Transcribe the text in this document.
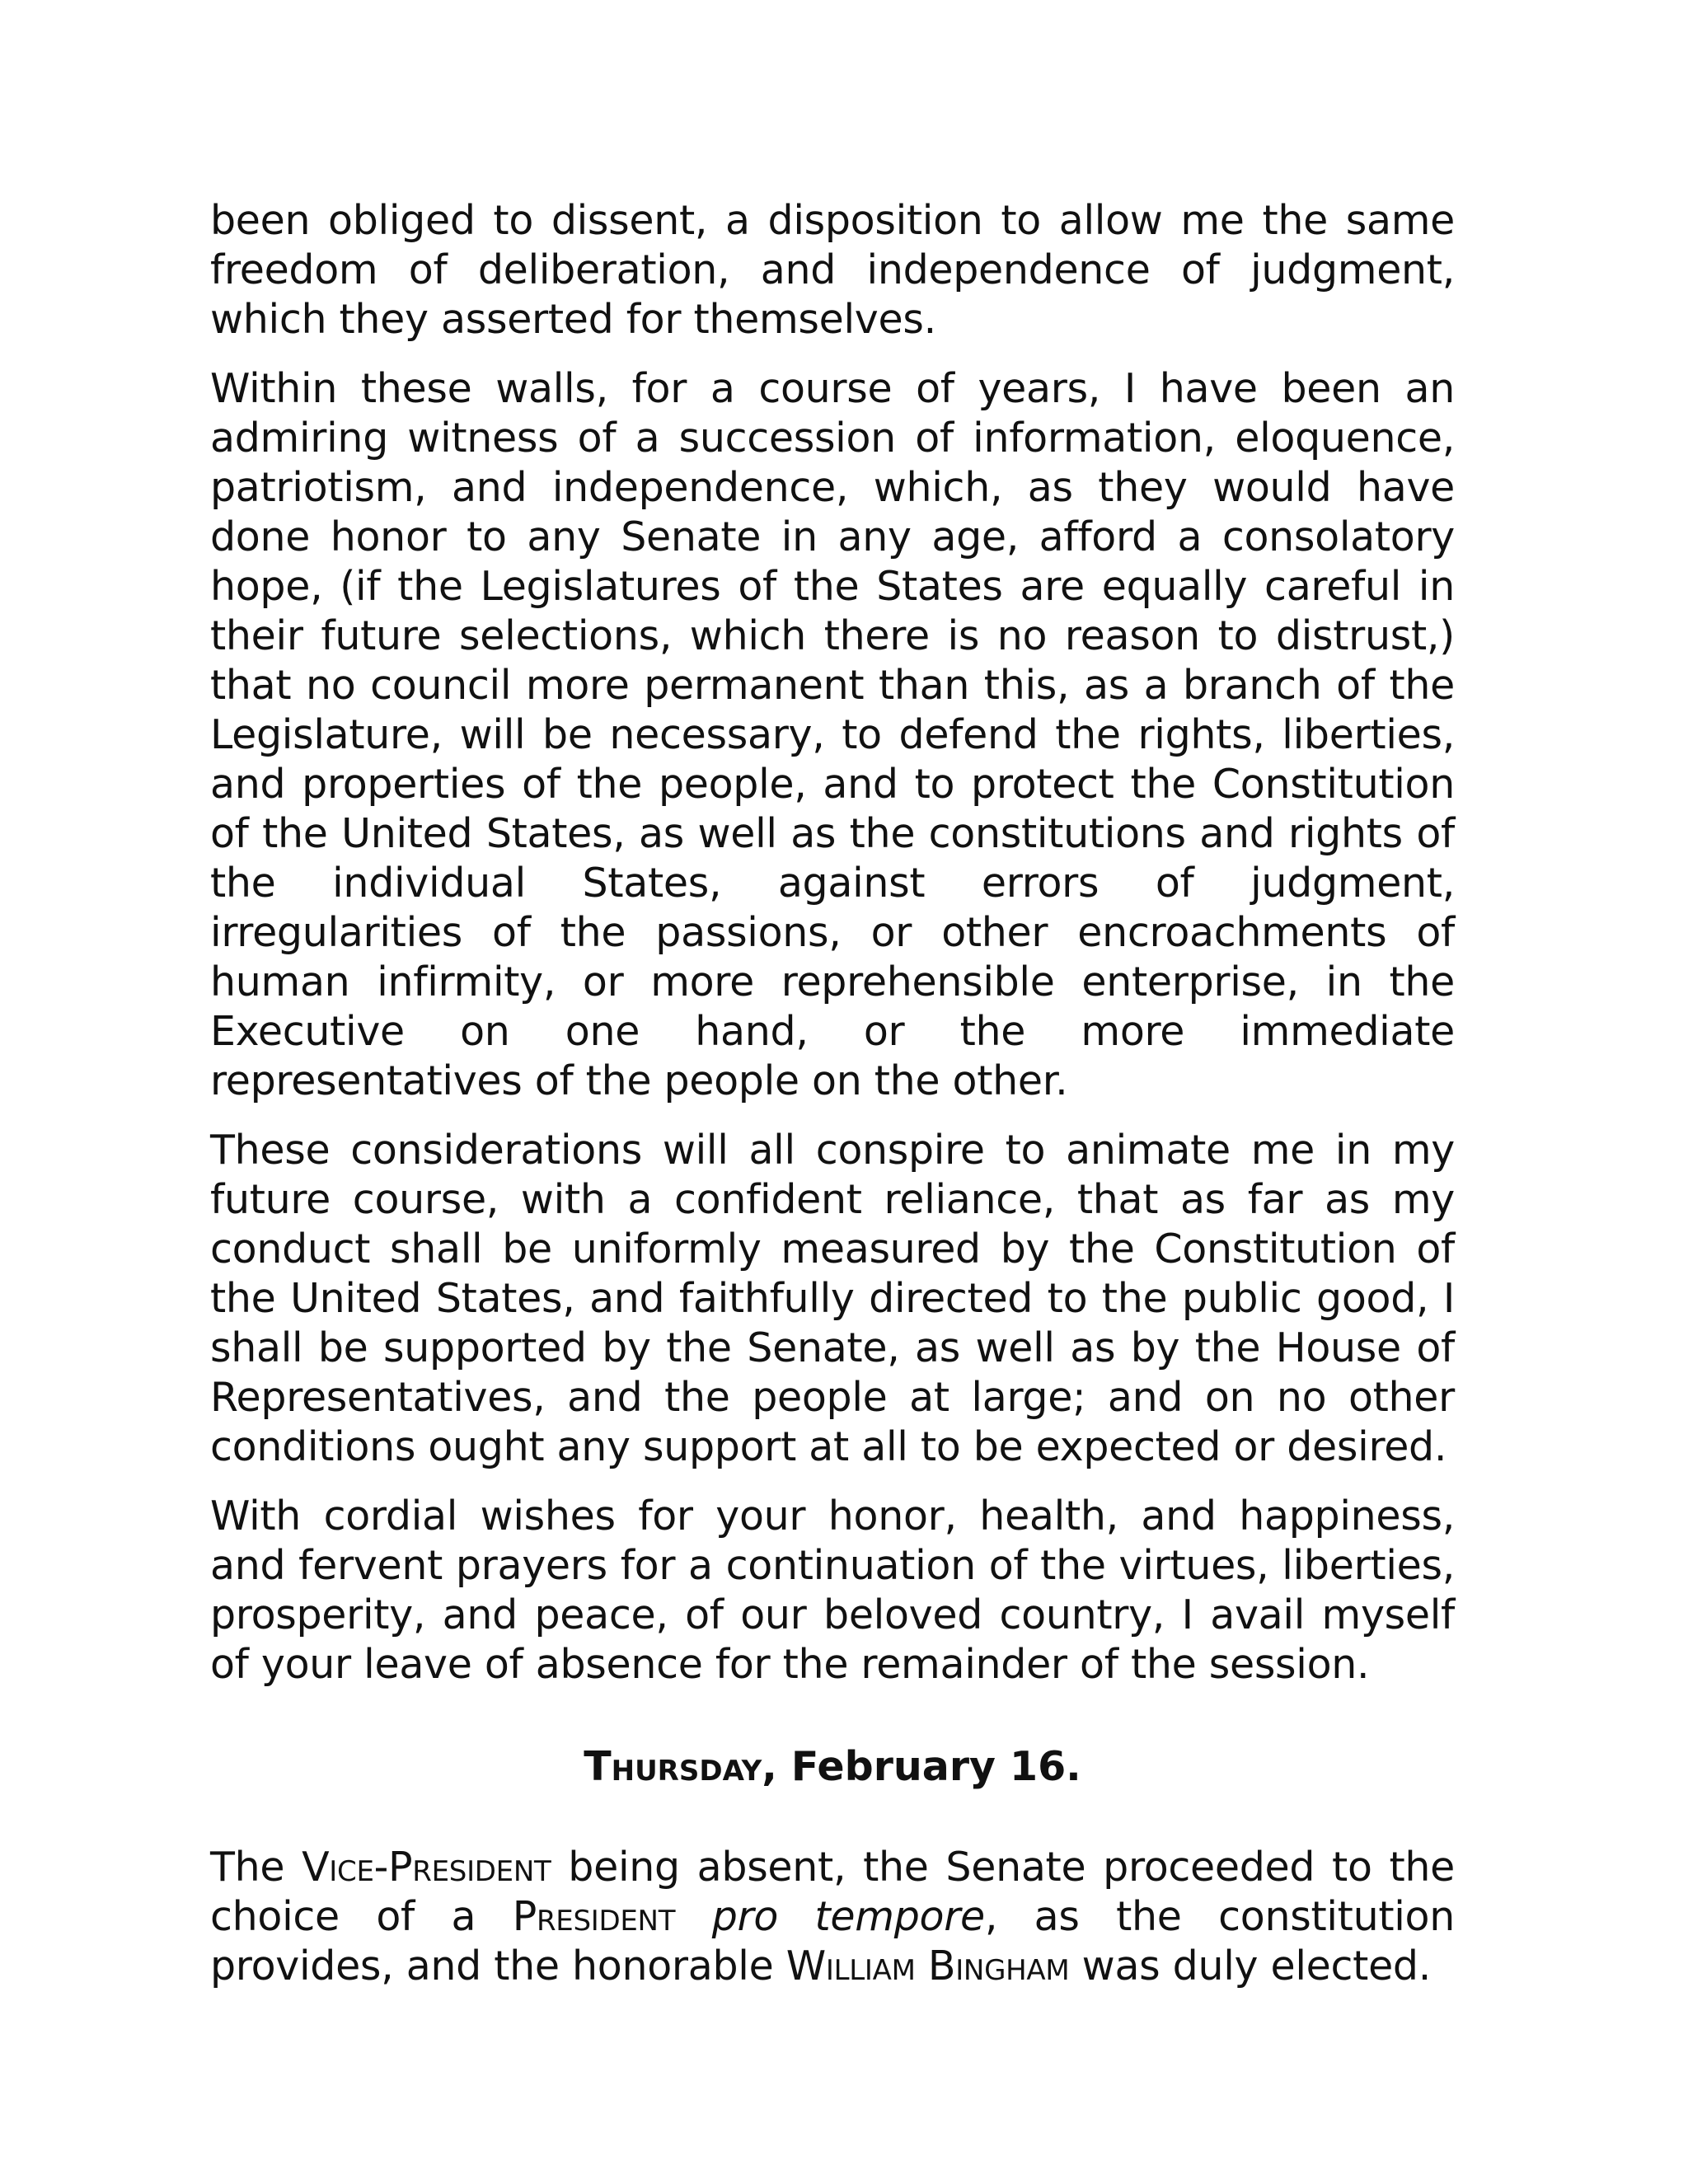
been obliged to dissent, a disposition to allow me the same freedom of deliberation, and independence of judgment, which they asserted for themselves.

Within these walls, for a course of years, I have been an admiring witness of a succession of information, eloquence, patriotism, and independence, which, as they would have done honor to any Senate in any age, afford a consolatory hope, (if the Legislatures of the States are equally careful in their future selections, which there is no reason to distrust,) that no council more permanent than this, as a branch of the Legislature, will be necessary, to defend the rights, liberties, and properties of the people, and to protect the Constitution of the United States, as well as the constitutions and rights of the individual States, against errors of judgment, irregularities of the passions, or other encroachments of human infirmity, or more reprehensible enterprise, in the Executive on one hand, or the more immediate representatives of the people on the other.

These considerations will all conspire to animate me in my future course, with a confident reliance, that as far as my conduct shall be uniformly measured by the Constitution of the United States, and faithfully directed to the public good, I shall be supported by the Senate, as well as by the House of Representatives, and the people at large; and on no other conditions ought any support at all to be expected or desired.

With cordial wishes for your honor, health, and happiness, and fervent prayers for a continuation of the virtues, liberties, prosperity, and peace, of our beloved country, I avail myself of your leave of absence for the remainder of the session.

Thursday, February 16.

The Vice-President being absent, the Senate proceeded to the choice of a President pro tempore, as the constitution provides, and the honorable William Bingham was duly elected.
